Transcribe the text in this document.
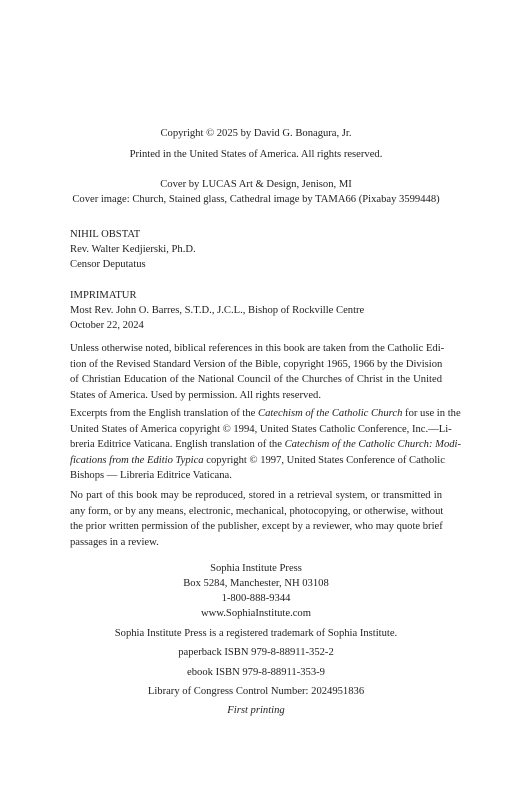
Copyright © 2025 by David G. Bonagura, Jr.
Printed in the United States of America. All rights reserved.
Cover by LUCAS Art & Design, Jenison, MI
Cover image: Church, Stained glass, Cathedral image by TAMA66 (Pixabay 3599448)
NIHIL OBSTAT
Rev. Walter Kedjierski, Ph.D.
Censor Deputatus
IMPRIMATUR
Most Rev. John O. Barres, S.T.D., J.C.L., Bishop of Rockville Centre
October 22, 2024
Unless otherwise noted, biblical references in this book are taken from the Catholic Edi-
tion of the Revised Standard Version of the Bible, copyright 1965, 1966 by the Division
of Christian Education of the National Council of the Churches of Christ in the United
States of America. Used by permission. All rights reserved.
Excerpts from the English translation of the Catechism of the Catholic Church for use in the
United States of America copyright © 1994, United States Catholic Conference, Inc.—Li-
breria Editrice Vaticana. English translation of the Catechism of the Catholic Church: Modi-
fications from the Editio Typica copyright © 1997, United States Conference of Catholic
Bishops — Libreria Editrice Vaticana.
No part of this book may be reproduced, stored in a retrieval system, or transmitted in
any form, or by any means, electronic, mechanical, photocopying, or otherwise, without
the prior written permission of the publisher, except by a reviewer, who may quote brief
passages in a review.
Sophia Institute Press
Box 5284, Manchester, NH 03108
1-800-888-9344
www.SophiaInstitute.com
Sophia Institute Press is a registered trademark of Sophia Institute.
paperback ISBN 979-8-88911-352-2
ebook ISBN 979-8-88911-353-9
Library of Congress Control Number: 2024951836
First printing
